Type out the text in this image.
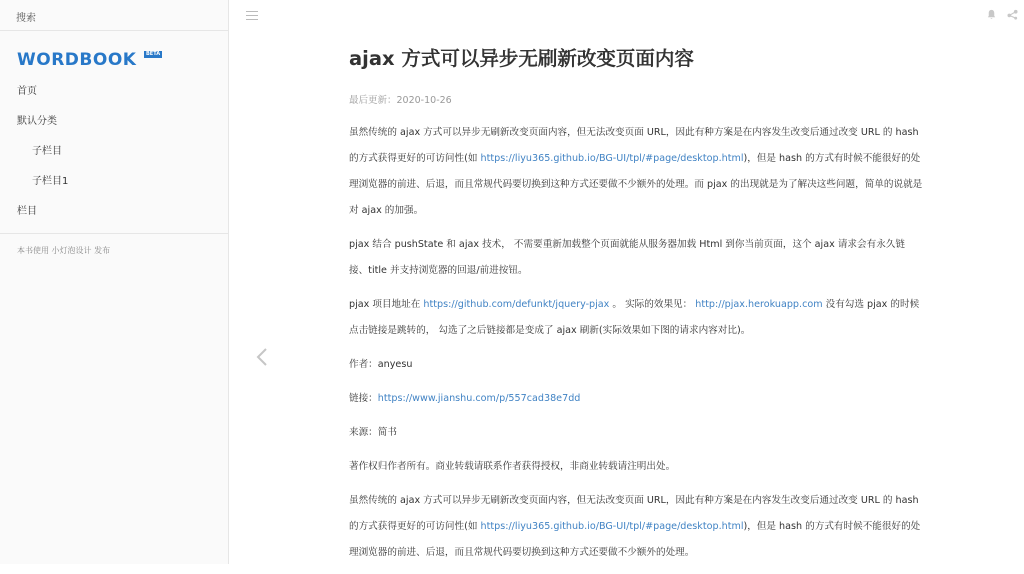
搜索
WORDBOOK	BETA
首页
默认分类
子栏目
子栏目1
栏目
本书使用 小灯泡设计 发布
ajax 方式可以异步无刷新改变页面内容
最后更新：2020-10-26

虽然传统的 ajax 方式可以异步无刷新改变页面内容，但无法改变页面 URL，因此有种方案是在内容发生改变后通过改变 URL 的 hash 的方式获得更好的可访问性(如 https://liyu365.github.io/BG-UI/tpl/#page/desktop.html)，但是 hash 的方式有时候不能很好的处理浏览器的前进、后退，而且常规代码要切换到这种方式还要做不少额外的处理。而 pjax 的出现就是为了解决这些问题，简单的说就是对 ajax 的加强。

pjax 结合 pushState 和 ajax 技术， 不需要重新加载整个页面就能从服务器加载 Html 到你当前页面，这个 ajax 请求会有永久链接、title 并支持浏览器的回退/前进按钮。

pjax 项目地址在 https://github.com/defunkt/jquery-pjax 。 实际的效果见： http://pjax.herokuapp.com 没有勾选 pjax 的时候点击链接是跳转的， 勾选了之后链接都是变成了 ajax 刷新(实际效果如下图的请求内容对比)。

作者：anyesu

链接：https://www.jianshu.com/p/557cad38e7dd

来源：简书

著作权归作者所有。商业转载请联系作者获得授权，非商业转载请注明出处。

虽然传统的 ajax 方式可以异步无刷新改变页面内容，但无法改变页面 URL，因此有种方案是在内容发生改变后通过改变 URL 的 hash 的方式获得更好的可访问性(如 https://liyu365.github.io/BG-UI/tpl/#page/desktop.html)，但是 hash 的方式有时候不能很好的处理浏览器的前进、后退，而且常规代码要切换到这种方式还要做不少额外的处理。
